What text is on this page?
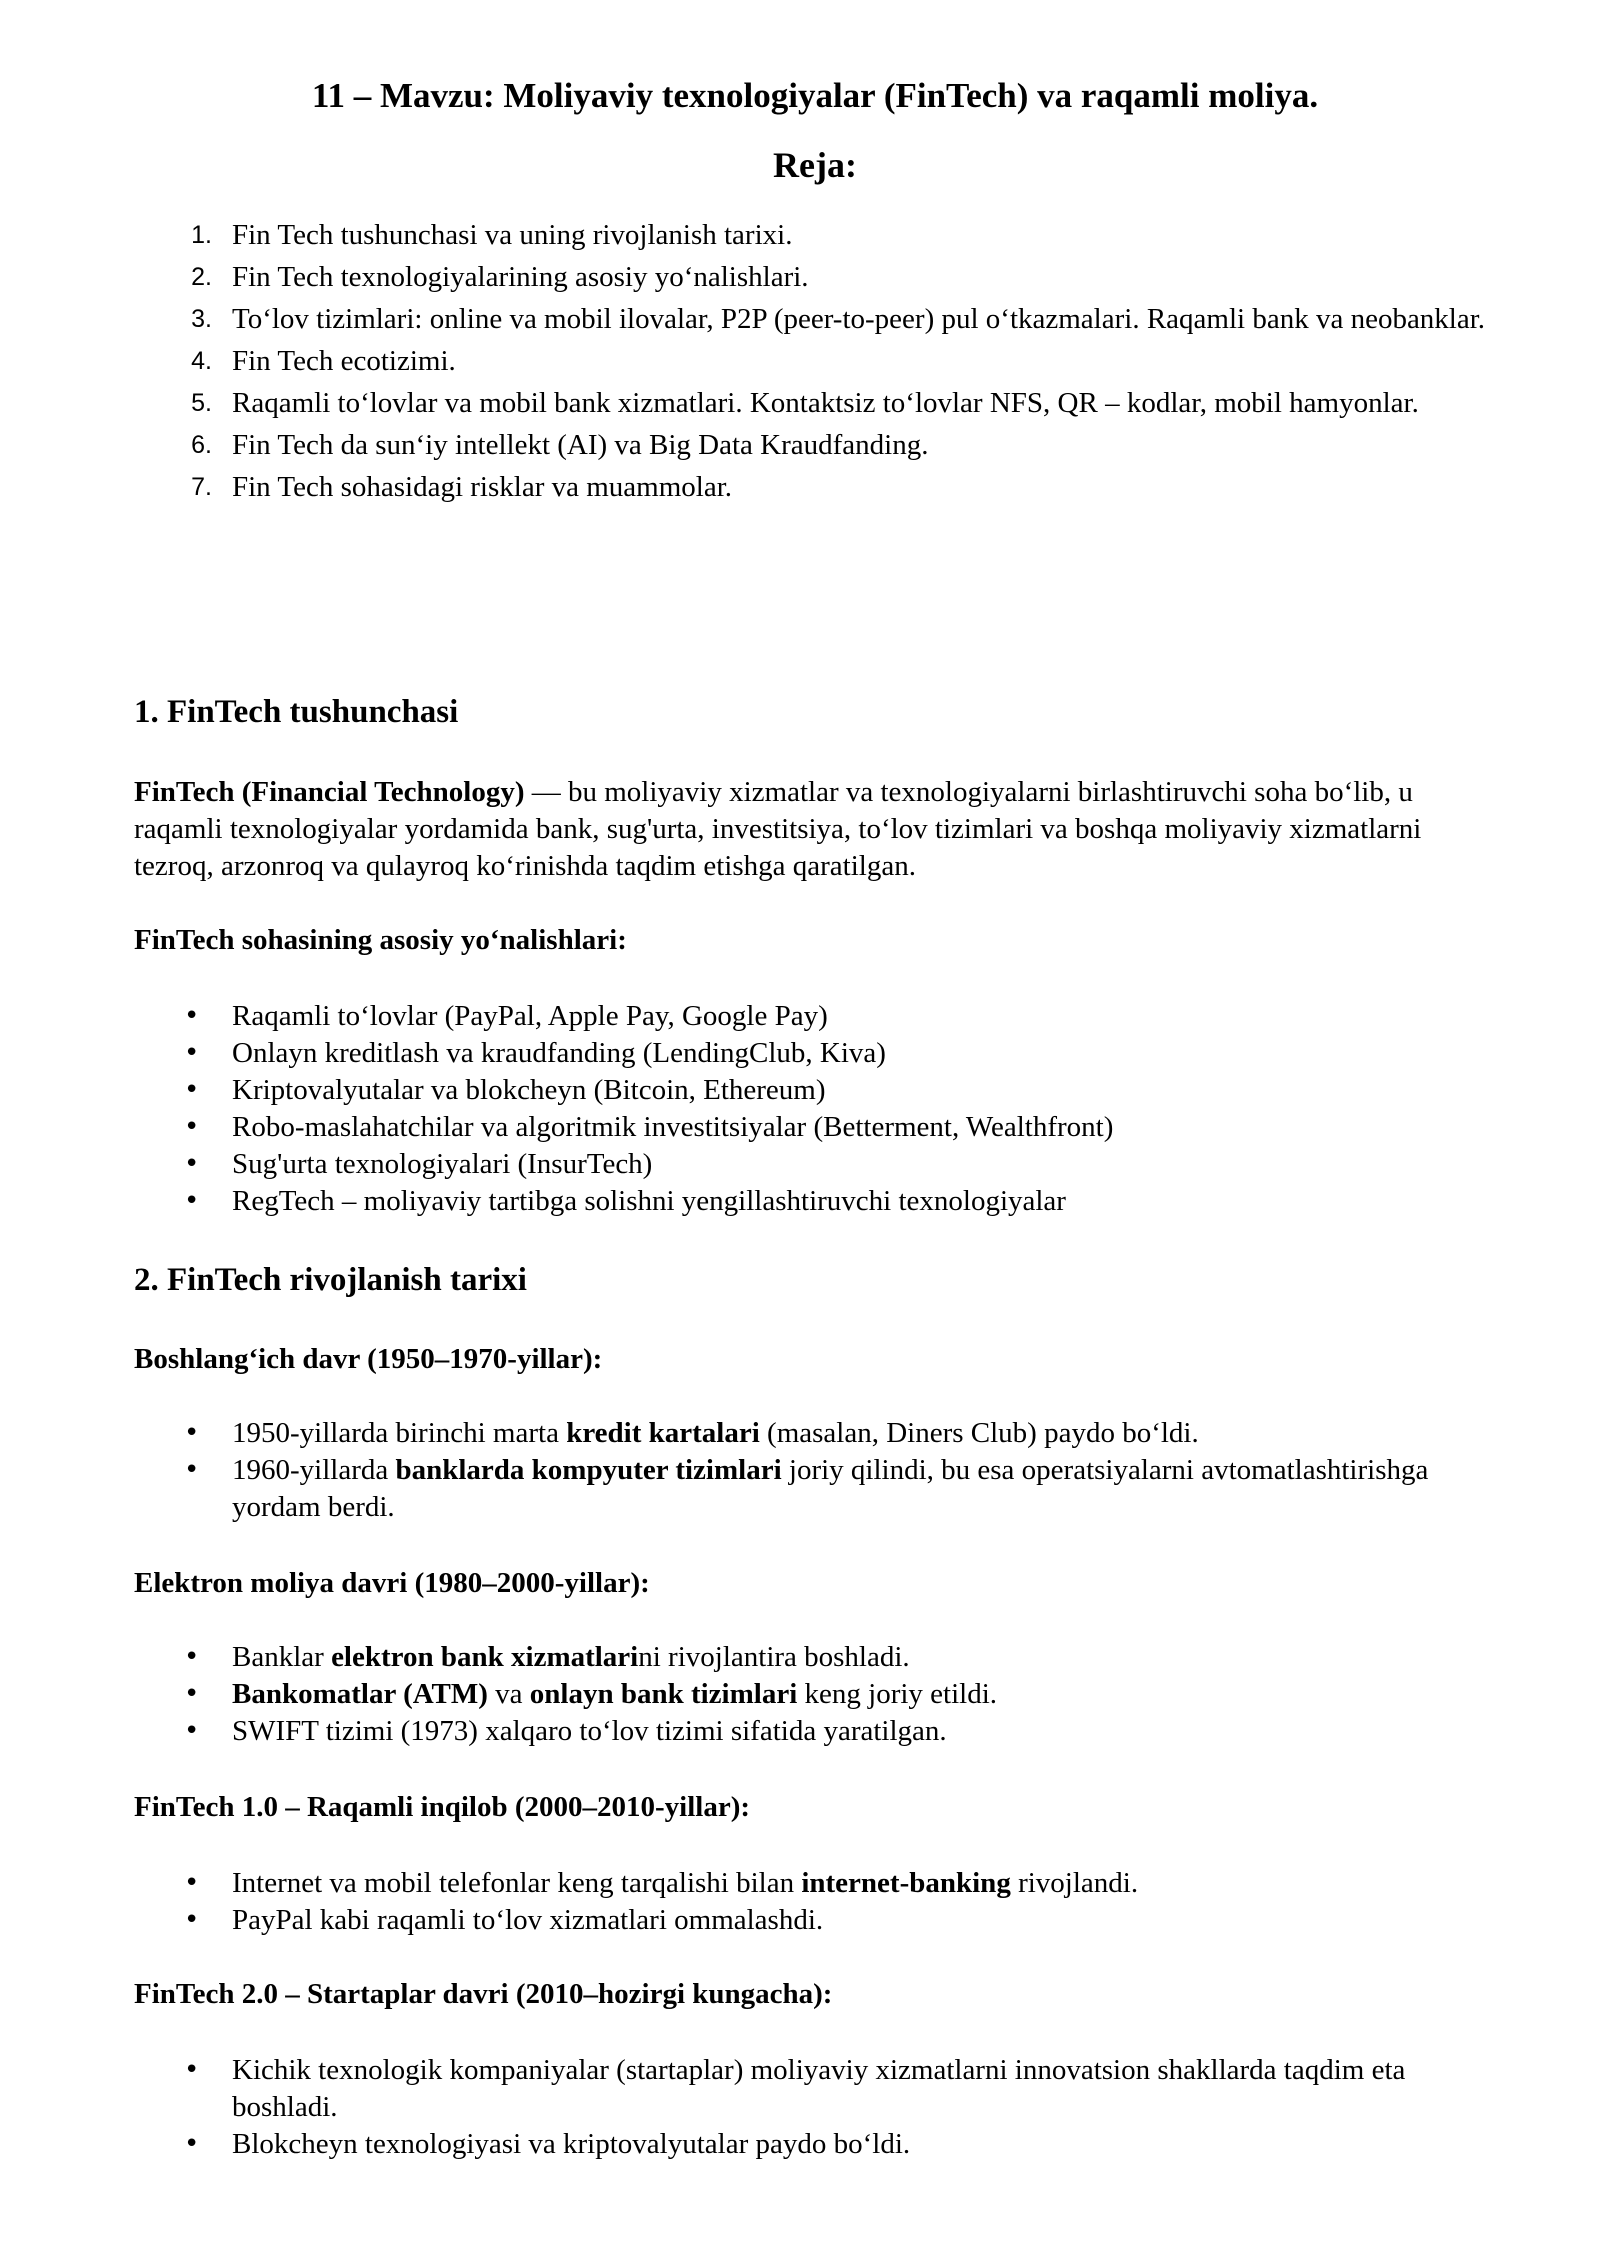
11 – Mavzu: Moliyaviy texnologiyalar (FinTech) va raqamli moliya.
Reja:
1. Fin Tech tushunchasi va uning rivojlanish tarixi.
2. Fin Tech texnologiyalarining asosiy yo‘nalishlari.
3. To‘lov tizimlari: online va mobil ilovalar, P2P (peer-to-peer) pul o‘tkazmalari. Raqamli bank va neobanklar.
4. Fin Tech ecotizimi.
5. Raqamli to‘lovlar va mobil bank xizmatlari. Kontaktsiz to‘lovlar NFS, QR – kodlar, mobil hamyonlar.
6. Fin Tech da sun‘iy intellekt (AI) va Big Data Kraudfanding.
7. Fin Tech sohasidagi risklar va muammolar.
1. FinTech tushunchasi

FinTech (Financial Technology) — bu moliyaviy xizmatlar va texnologiyalarni birlashtiruvchi soha bo‘lib, u raqamli texnologiyalar yordamida bank, sug'urta, investitsiya, to‘lov tizimlari va boshqa moliyaviy xizmatlarni tezroq, arzonroq va qulayroq ko‘rinishda taqdim etishga qaratilgan.

FinTech sohasining asosiy yo‘nalishlari:

• Raqamli to‘lovlar (PayPal, Apple Pay, Google Pay)
• Onlayn kreditlash va kraudfanding (LendingClub, Kiva)
• Kriptovalyutalar va blokcheyn (Bitcoin, Ethereum)
• Robo-maslahatchilar va algoritmik investitsiyalar (Betterment, Wealthfront)
• Sug'urta texnologiyalari (InsurTech)
• RegTech – moliyaviy tartibga solishni yengillashtiruvchi texnologiyalar
2. FinTech rivojlanish tarixi

Boshlang‘ich davr (1950–1970-yillar):

• 1950-yillarda birinchi marta kredit kartalari (masalan, Diners Club) paydo bo‘ldi.
• 1960-yillarda banklarda kompyuter tizimlari joriy qilindi, bu esa operatsiyalarni avtomatlashtirishga yordam berdi.

Elektron moliya davri (1980–2000-yillar):

• Banklar elektron bank xizmatlarini rivojlantira boshladi.
• Bankomatlar (ATM) va onlayn bank tizimlari keng joriy etildi.
• SWIFT tizimi (1973) xalqaro to‘lov tizimi sifatida yaratilgan.

FinTech 1.0 – Raqamli inqilob (2000–2010-yillar):

• Internet va mobil telefonlar keng tarqalishi bilan internet-banking rivojlandi.
• PayPal kabi raqamli to‘lov xizmatlari ommalashdi.

FinTech 2.0 – Startaplar davri (2010–hozirgi kungacha):

• Kichik texnologik kompaniyalar (startaplar) moliyaviy xizmatlarni innovatsion shakllarda taqdim eta boshladi.
• Blokcheyn texnologiyasi va kriptovalyutalar paydo bo‘ldi.
